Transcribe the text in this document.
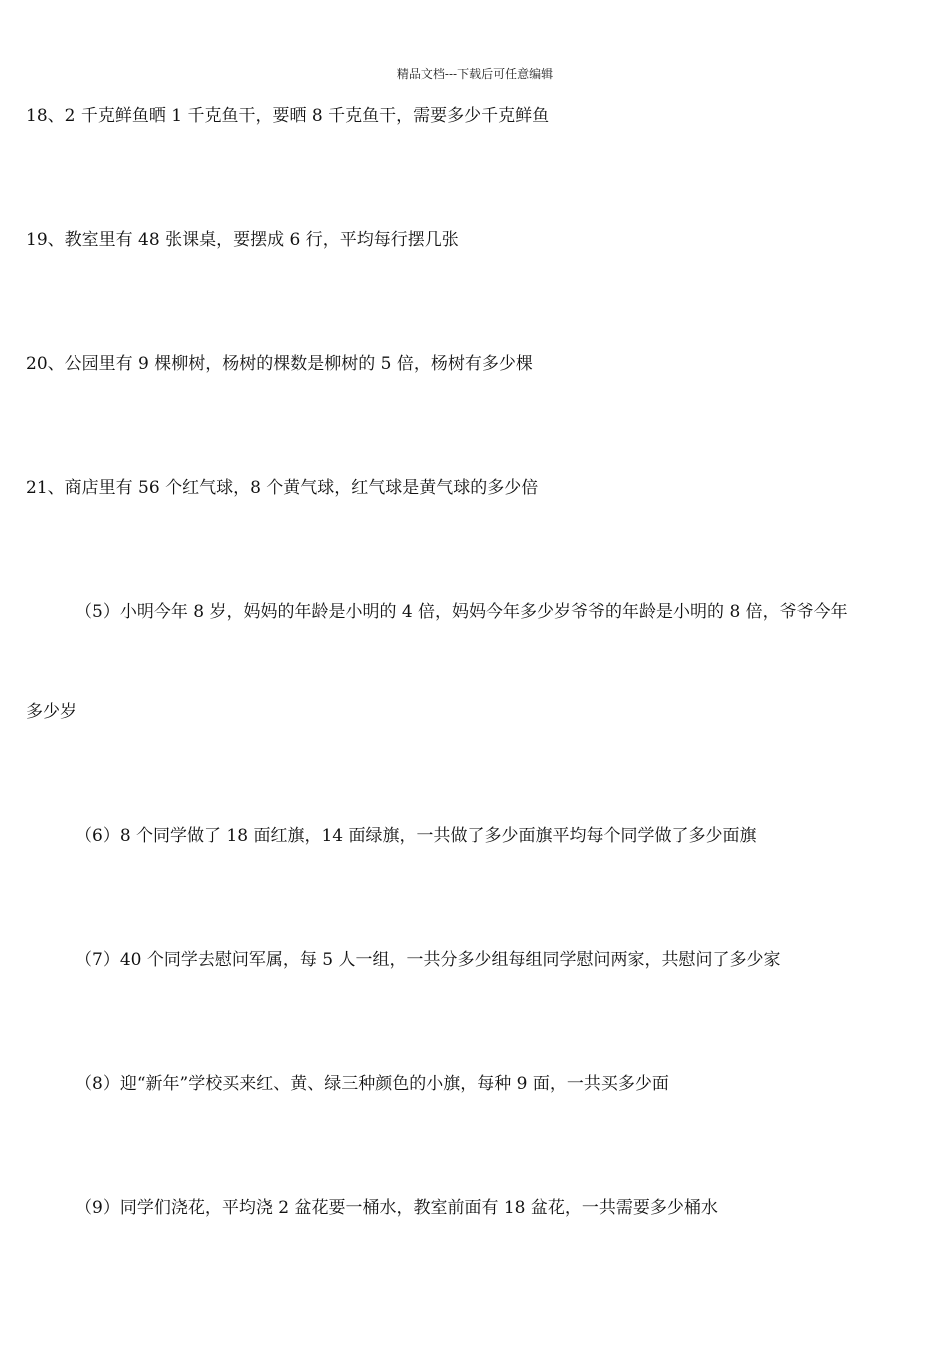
精品文档---下载后可任意编辑
18、2 千克鲜鱼晒 1 千克鱼干，要晒 8 千克鱼干，需要多少千克鲜鱼
19、教室里有 48 张课桌，要摆成 6 行，平均每行摆几张
20、公园里有 9 棵柳树，杨树的棵数是柳树的 5 倍，杨树有多少棵
21、商店里有 56 个红气球，8 个黄气球，红气球是黄气球的多少倍
（5）小明今年 8 岁，妈妈的年龄是小明的 4 倍，妈妈今年多少岁爷爷的年龄是小明的 8 倍，爷爷今年
多少岁
（6）8 个同学做了 18 面红旗，14 面绿旗，一共做了多少面旗平均每个同学做了多少面旗
（7）40 个同学去慰问军属，每 5 人一组，一共分多少组每组同学慰问两家，共慰问了多少家
（8）迎“新年”学校买来红、黄、绿三种颜色的小旗，每种 9 面，一共买多少面
（9）同学们浇花，平均浇 2 盆花要一桶水，教室前面有 18 盆花，一共需要多少桶水
